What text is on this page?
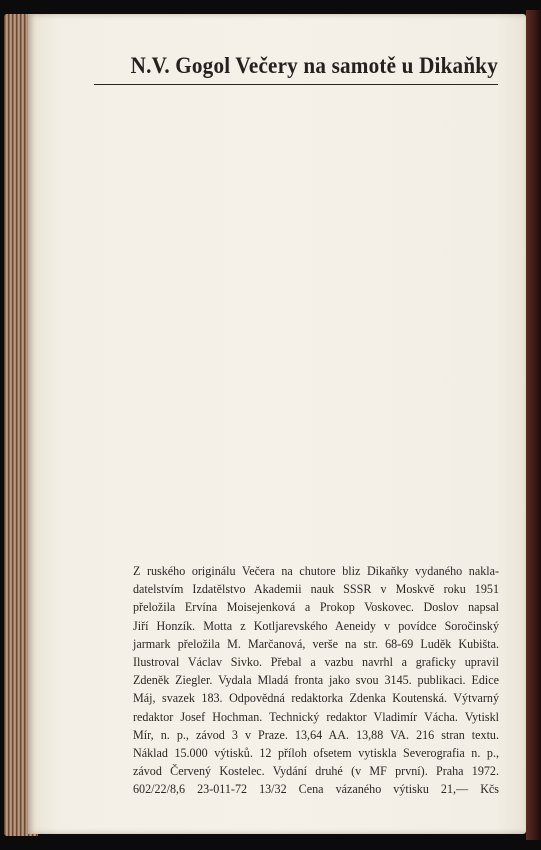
N.V. Gogol Večery na samotě u Dikaňky
Z ruského originálu Večera na chutore bliz Dikaňky vydaného nakla-
datelstvím Izdatělstvo Akademii nauk SSSR v Moskvě roku 1951
přeložila Ervína Moisejenková a Prokop Voskovec. Doslov napsal
Jiří Honzík. Motta z Kotljarevského Aeneidy v povídce Soročinský
jarmark přeložila M. Marčanová, verše na str. 68-69 Luděk Kubišta.
Ilustroval Václav Sivko. Přebal a vazbu navrhl a graficky upravil
Zdeněk Ziegler. Vydala Mladá fronta jako svou 3145. publikaci. Edice
Máj, svazek 183. Odpovědná redaktorka Zdenka Koutenská. Výtvarný
redaktor Josef Hochman. Technický redaktor Vladimír Vácha. Vytiskl
Mír, n. p., závod 3 v Praze. 13,64 AA. 13,88 VA. 216 stran textu.
Náklad 15.000 výtisků. 12 příloh ofsetem vytiskla Severografia n. p.,
závod Červený Kostelec. Vydání druhé (v MF první). Praha 1972.
602/22/8,6 23-011-72 13/32 Cena vázaného výtisku 21,— Kčs
